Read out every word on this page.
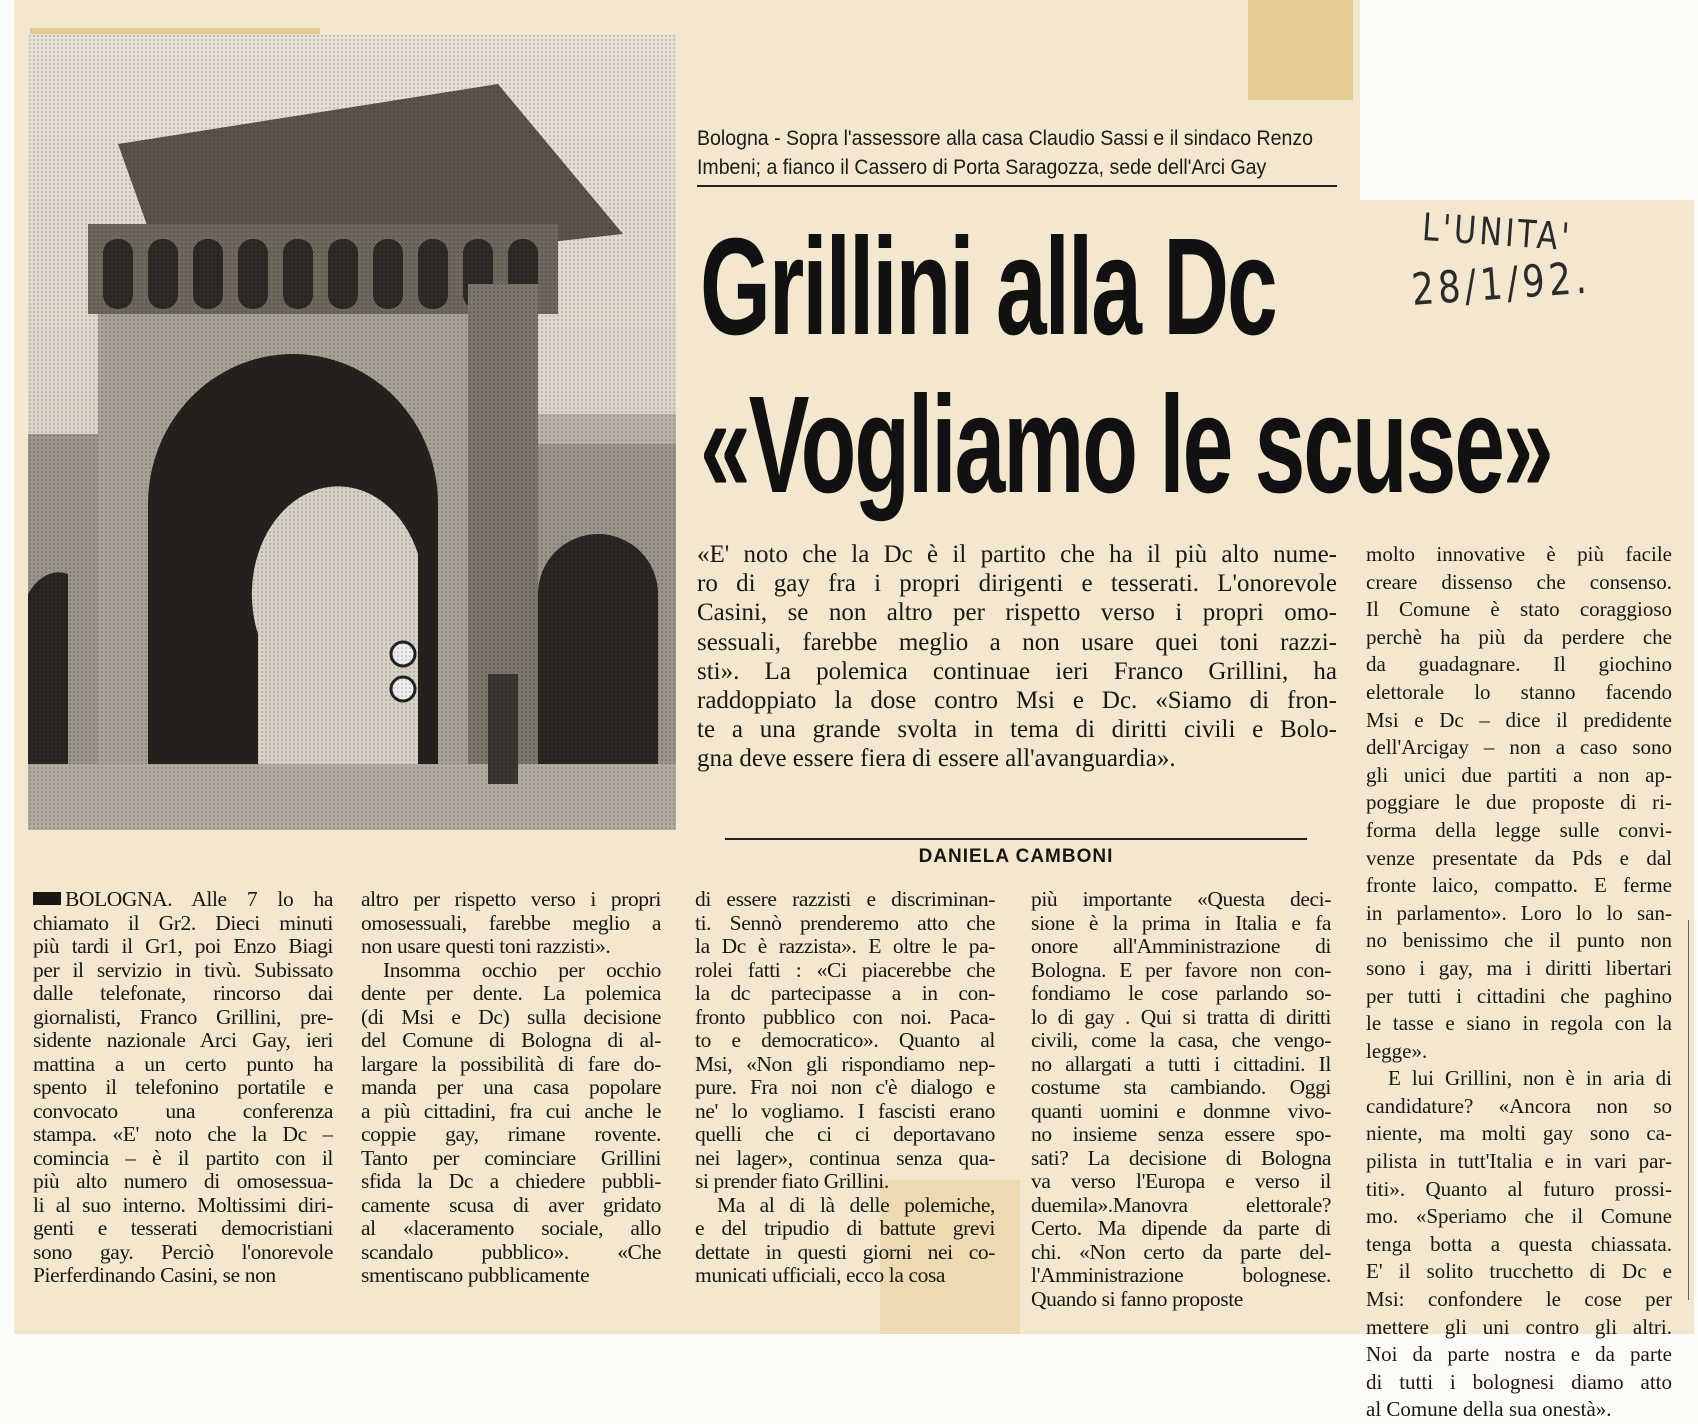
Bologna - Sopra l'assessore alla casa Claudio Sassi e il sindaco Renzo
Imbeni; a fianco il Cassero di Porta Saragozza, sede dell'Arci Gay
Grillini alla Dc
«Vogliamo le scuse»
L'UNITA'
28/1/92.
«E' noto che la Dc è il partito che ha il più alto nume-
ro di gay fra i propri dirigenti e tesserati. L'onorevole
Casini, se non altro per rispetto verso i propri omo-
sessuali, farebbe meglio a non usare quei toni razzi-
sti». La polemica continuae ieri Franco Grillini, ha
raddoppiato la dose contro Msi e Dc. «Siamo di fron-
te a una grande svolta in tema di diritti civili e Bolo-
gna deve essere fiera di essere all'avanguardia».
DANIELA CAMBONI
molto innovative è più facile
creare dissenso che consenso.
Il Comune è stato coraggioso
perchè ha più da perdere che
da guadagnare. Il giochino
elettorale lo stanno facendo
Msi e Dc – dice il predidente
dell'Arcigay – non a caso sono
gli unici due partiti a non ap-
poggiare le due proposte di ri-
forma della legge sulle convi-
venze presentate da Pds e dal
fronte laico, compatto. E ferme
in parlamento». Loro lo lo san-
no benissimo che il punto non
sono i gay, ma i diritti libertari
per tutti i cittadini che paghino
le tasse e siano in regola con la
legge».
E lui Grillini, non è in aria di
candidature? «Ancora non so
niente, ma molti gay sono ca-
pilista in tutt'Italia e in vari par-
titi». Quanto al futuro prossi-
mo. «Speriamo che il Comune
tenga botta a questa chiassata.
E' il solito trucchetto di Dc e
Msi: confondere le cose per
mettere gli uni contro gli altri.
Noi da parte nostra e da parte
di tutti i bolognesi diamo atto
al Comune della sua onestà».
BOLOGNA. Alle 7 lo ha
chiamato il Gr2. Dieci minuti
più tardi il Gr1, poi Enzo Biagi
per il servizio in tivù. Subissato
dalle telefonate, rincorso dai
giornalisti, Franco Grillini, pre-
sidente nazionale Arci Gay, ieri
mattina a un certo punto ha
spento il telefonino portatile e
convocato una conferenza
stampa. «E' noto che la Dc –
comincia – è il partito con il
più alto numero di omosessua-
li al suo interno. Moltissimi diri-
genti e tesserati democristiani
sono gay. Perciò l'onorevole
Pierferdinando Casini, se non
altro per rispetto verso i propri
omosessuali, farebbe meglio a
non usare questi toni razzisti».
Insomma occhio per occhio
dente per dente. La polemica
(di Msi e Dc) sulla decisione
del Comune di Bologna di al-
largare la possibilità di fare do-
manda per una casa popolare
a più cittadini, fra cui anche le
coppie gay, rimane rovente.
Tanto per cominciare Grillini
sfida la Dc a chiedere pubbli-
camente scusa di aver gridato
al «laceramento sociale, allo
scandalo pubblico». «Che
smentiscano pubblicamente
di essere razzisti e discriminan-
ti. Sennò prenderemo atto che
la Dc è razzista». E oltre le pa-
rolei fatti : «Ci piacerebbe che
la dc partecipasse a in con-
fronto pubblico con noi. Paca-
to e democratico». Quanto al
Msi, «Non gli rispondiamo nep-
pure. Fra noi non c'è dialogo e
ne' lo vogliamo. I fascisti erano
quelli che ci ci deportavano
nei lager», continua senza qua-
si prender fiato Grillini.
Ma al di là delle polemiche,
e del tripudio di battute grevi
dettate in questi giorni nei co-
municati ufficiali, ecco la cosa
più importante «Questa deci-
sione è la prima in Italia e fa
onore all'Amministrazione di
Bologna. E per favore non con-
fondiamo le cose parlando so-
lo di gay . Qui si tratta di diritti
civili, come la casa, che vengo-
no allargati a tutti i cittadini. Il
costume sta cambiando. Oggi
quanti uomini e donmne vivo-
no insieme senza essere spo-
sati? La decisione di Bologna
va verso l'Europa e verso il
duemila».Manovra elettorale?
Certo. Ma dipende da parte di
chi. «Non certo da parte del-
l'Amministrazione bolognese.
Quando si fanno proposte
